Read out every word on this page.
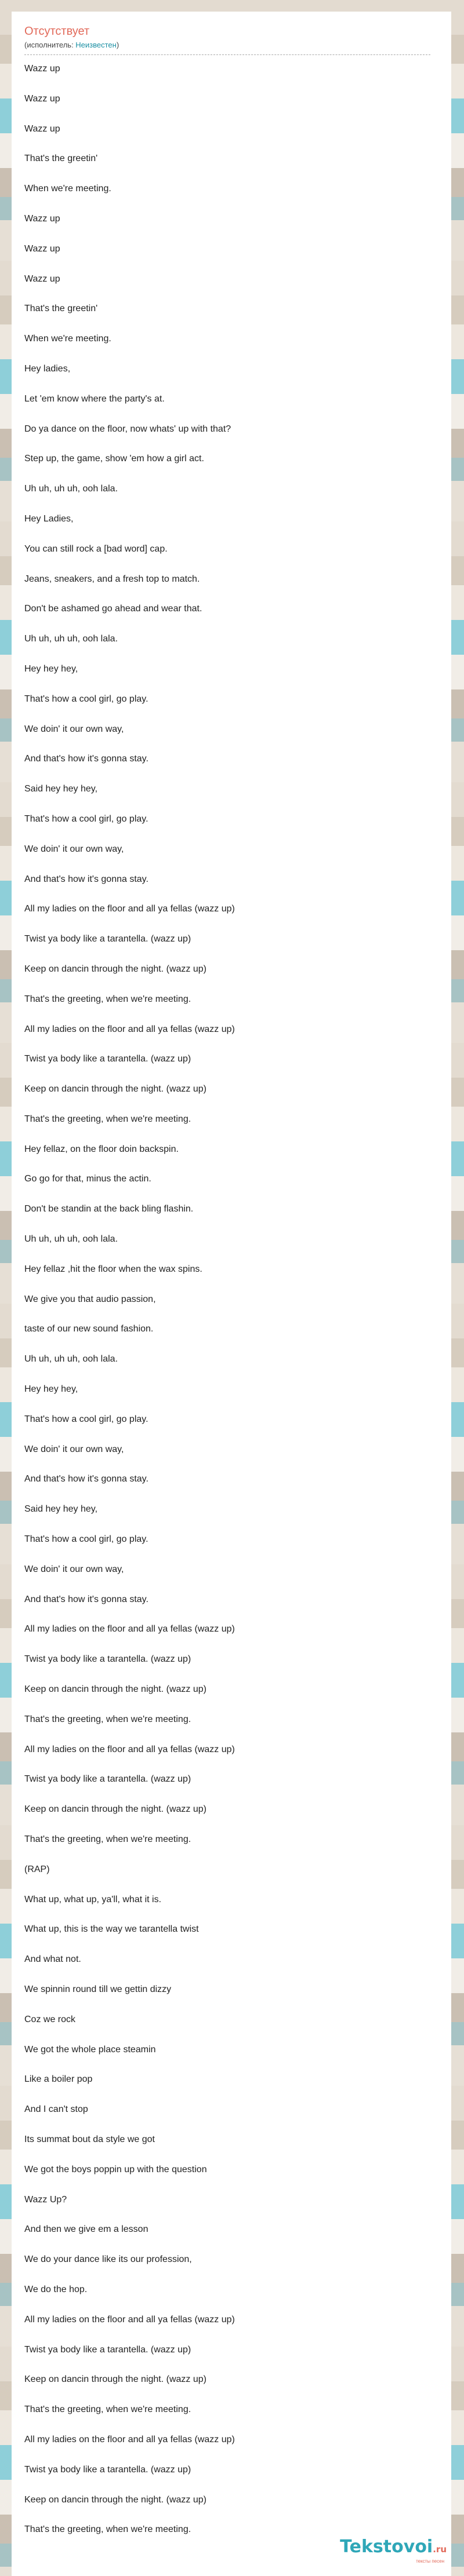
Отсутствует
(исполнитель: Неизвестен)
Wazz up
Wazz up
Wazz up
That's the greetin'
When we're meeting.
Wazz up
Wazz up
Wazz up
That's the greetin'
When we're meeting.
Hey ladies,
Let 'em know where the party's at.
Do ya dance on the floor, now whats' up with that?
Step up, the game, show 'em how a girl act.
Uh uh, uh uh, ooh lala.
Hey Ladies,
You can still rock a [bad word] cap.
Jeans, sneakers, and a fresh top to match.
Don't be ashamed go ahead and wear that.
Uh uh, uh uh, ooh lala.
Hey hey hey,
That's how a cool girl, go play.
We doin' it our own way,
And that's how it's gonna stay.
Said hey hey hey,
That's how a cool girl, go play.
We doin' it our own way,
And that's how it's gonna stay.
All my ladies on the floor and all ya fellas (wazz up)
Twist ya body like a tarantella. (wazz up)
Keep on dancin through the night. (wazz up)
That's the greeting, when we're meeting.
All my ladies on the floor and all ya fellas (wazz up)
Twist ya body like a tarantella. (wazz up)
Keep on dancin through the night. (wazz up)
That's the greeting, when we're meeting.
Hey fellaz, on the floor doin backspin.
Go go for that, minus the actin.
Don't be standin at the back bling flashin.
Uh uh, uh uh, ooh lala.
Hey fellaz ,hit the floor when the wax spins.
We give you that audio passion,
taste of our new sound fashion.
Uh uh, uh uh, ooh lala.
Hey hey hey,
That's how a cool girl, go play.
We doin' it our own way,
And that's how it's gonna stay.
Said hey hey hey,
That's how a cool girl, go play.
We doin' it our own way,
And that's how it's gonna stay.
All my ladies on the floor and all ya fellas (wazz up)
Twist ya body like a tarantella. (wazz up)
Keep on dancin through the night. (wazz up)
That's the greeting, when we're meeting.
All my ladies on the floor and all ya fellas (wazz up)
Twist ya body like a tarantella. (wazz up)
Keep on dancin through the night. (wazz up)
That's the greeting, when we're meeting.
(RAP)
What up, what up, ya'll, what it is.
What up, this is the way we tarantella twist
And what not.
We spinnin round till we gettin dizzy
Coz we rock
We got the whole place steamin
Like a boiler pop
And I can't stop
Its summat bout da style we got
We got the boys poppin up with the question
Wazz Up?
And then we give em a lesson
We do your dance like its our profession,
We do the hop.
All my ladies on the floor and all ya fellas (wazz up)
Twist ya body like a tarantella. (wazz up)
Keep on dancin through the night. (wazz up)
That's the greeting, when we're meeting.
All my ladies on the floor and all ya fellas (wazz up)
Twist ya body like a tarantella. (wazz up)
Keep on dancin through the night. (wazz up)
That's the greeting, when we're meeting.
Tekstovoi.ru
тексты песен
